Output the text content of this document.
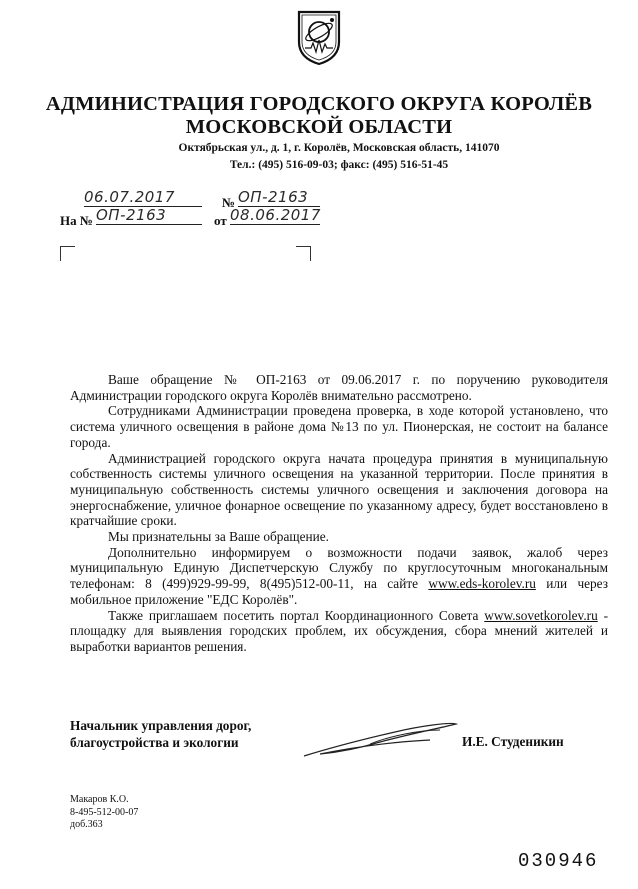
АДМИНИСТРАЦИЯ ГОРОДСКОГО ОКРУГА КОРОЛЁВ
МОСКОВСКОЙ ОБЛАСТИ
Октябрьская ул., д. 1, г. Королёв, Московская область, 141070
Тел.: (495) 516-09-03; факс: (495) 516-51-45
06.07.2017	№ ОП-2163
На № ОП-2163	от 08.06.2017

Ваше обращение № ОП-2163 от 09.06.2017 г. по поручению руководителя Администрации городского округа Королёв внимательно рассмотрено.

Сотрудниками Администрации проведена проверка, в ходе которой установлено, что система уличного освещения в районе дома №13 по ул. Пионерская, не состоит на балансе города.

Администрацией городского округа начата процедура принятия в муниципальную собственность системы уличного освещения на указанной территории. После принятия в муниципальную собственность системы уличного освещения и заключения договора на энергоснабжение, уличное фонарное освещение по указанному адресу, будет восстановлено в кратчайшие сроки.

Мы признательны за Ваше обращение.

Дополнительно информируем о возможности подачи заявок, жалоб через муниципальную Единую Диспетчерскую Службу по круглосуточным многоканальным телефонам: 8 (499)929-99-99, 8(495)512-00-11, на сайте www.eds-korolev.ru или через мобильное приложение "ЕДС Королёв".

Также приглашаем посетить портал Координационного Совета www.sovetkorolev.ru - площадку для выявления городских проблем, их обсуждения, сбора мнений жителей и выработки вариантов решения.

Начальник управления дорог,
благоустройства и экологии	И.Е. Студеникин
Макаров К.О.
8-495-512-00-07
доб.363
030946
